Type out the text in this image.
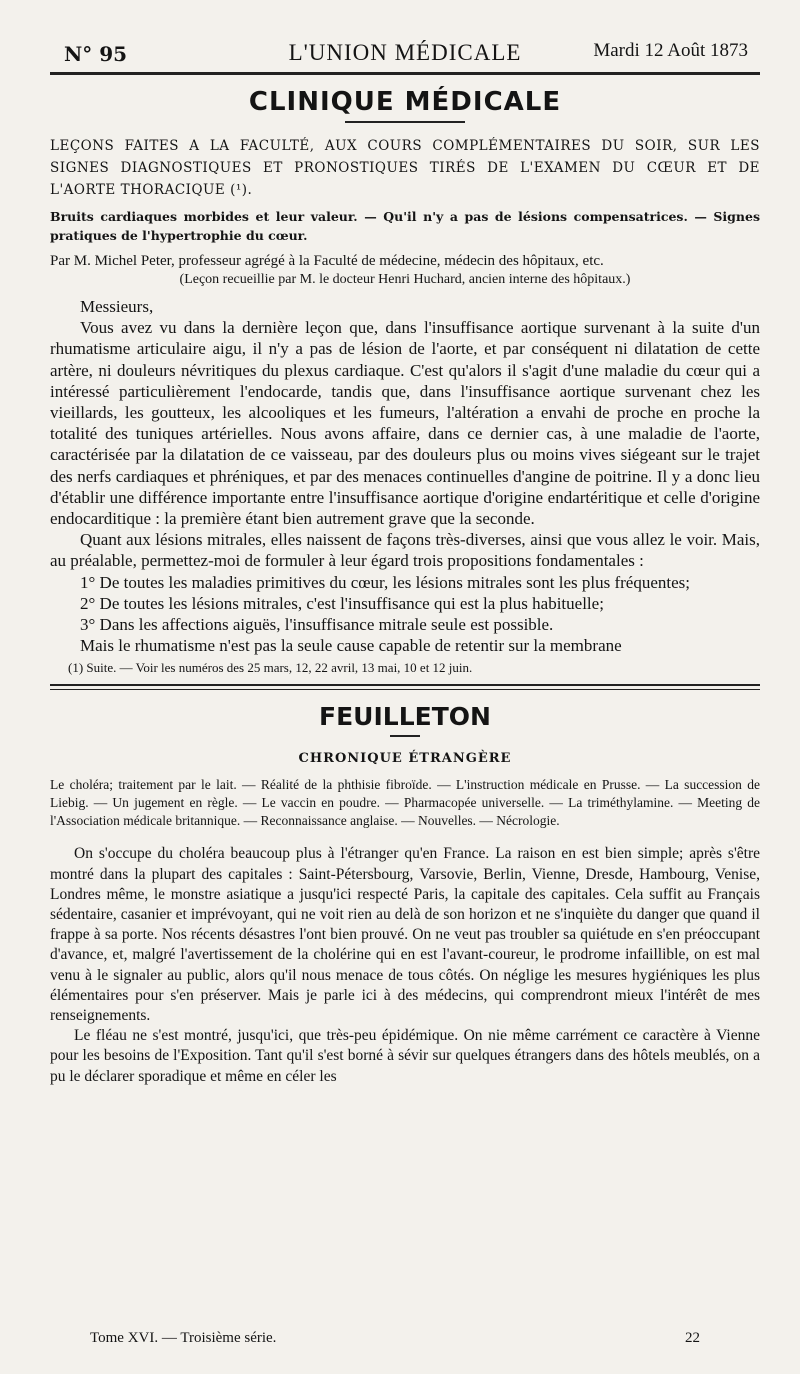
N° 95	L'UNION MÉDICALE	Mardi 12 Août 1873
CLINIQUE MÉDICALE

LEÇONS FAITES A LA FACULTÉ, AUX COURS COMPLÉMENTAIRES DU SOIR, SUR LES SIGNES DIAGNOSTIQUES ET PRONOSTIQUES TIRÉS DE L'EXAMEN DU CŒUR ET DE L'AORTE THORACIQUE (¹).

Bruits cardiaques morbides et leur valeur. — Qu'il n'y a pas de lésions compensatrices. — Signes pratiques de l'hypertrophie du cœur.

Par M. Michel Peter, professeur agrégé à la Faculté de médecine, médecin des hôpitaux, etc.

(Leçon recueillie par M. le docteur Henri Huchard, ancien interne des hôpitaux.)

Messieurs,

Vous avez vu dans la dernière leçon que, dans l'insuffisance aortique survenant à la suite d'un rhumatisme articulaire aigu, il n'y a pas de lésion de l'aorte, et par conséquent ni dilatation de cette artère, ni douleurs névritiques du plexus cardiaque. C'est qu'alors il s'agit d'une maladie du cœur qui a intéressé particulièrement l'endocarde, tandis que, dans l'insuffisance aortique survenant chez les vieillards, les goutteux, les alcooliques et les fumeurs, l'altération a envahi de proche en proche la totalité des tuniques artérielles. Nous avons affaire, dans ce dernier cas, à une maladie de l'aorte, caractérisée par la dilatation de ce vaisseau, par des douleurs plus ou moins vives siégeant sur le trajet des nerfs cardiaques et phréniques, et par des menaces continuelles d'angine de poitrine. Il y a donc lieu d'établir une différence importante entre l'insuffisance aortique d'origine endartéritique et celle d'origine endocarditique : la première étant bien autrement grave que la seconde.

Quant aux lésions mitrales, elles naissent de façons très-diverses, ainsi que vous allez le voir. Mais, au préalable, permettez-moi de formuler à leur égard trois propositions fondamentales :

1° De toutes les maladies primitives du cœur, les lésions mitrales sont les plus fréquentes;

2° De toutes les lésions mitrales, c'est l'insuffisance qui est la plus habituelle;

3° Dans les affections aiguës, l'insuffisance mitrale seule est possible.

Mais le rhumatisme n'est pas la seule cause capable de retentir sur la membrane

(1) Suite. — Voir les numéros des 25 mars, 12, 22 avril, 13 mai, 10 et 12 juin.

FEUILLETON

CHRONIQUE ÉTRANGÈRE

Le choléra; traitement par le lait. — Réalité de la phthisie fibroïde. — L'instruction médicale en Prusse. — La succession de Liebig. — Un jugement en règle. — Le vaccin en poudre. — Pharmacopée universelle. — La triméthylamine. — Meeting de l'Association médicale britannique. — Reconnaissance anglaise. — Nouvelles. — Nécrologie.

On s'occupe du choléra beaucoup plus à l'étranger qu'en France. La raison en est bien simple; après s'être montré dans la plupart des capitales : Saint-Pétersbourg, Varsovie, Berlin, Vienne, Dresde, Hambourg, Venise, Londres même, le monstre asiatique a jusqu'ici respecté Paris, la capitale des capitales. Cela suffit au Français sédentaire, casanier et imprévoyant, qui ne voit rien au delà de son horizon et ne s'inquiète du danger que quand il frappe à sa porte. Nos récents désastres l'ont bien prouvé. On ne veut pas troubler sa quiétude en s'en préoccupant d'avance, et, malgré l'avertissement de la cholérine qui en est l'avant-coureur, le prodrome infaillible, on est mal venu à le signaler au public, alors qu'il nous menace de tous côtés. On néglige les mesures hygiéniques les plus élémentaires pour s'en préserver. Mais je parle ici à des médecins, qui comprendront mieux l'intérêt de mes renseignements.

Le fléau ne s'est montré, jusqu'ici, que très-peu épidémique. On nie même carrément ce caractère à Vienne pour les besoins de l'Exposition. Tant qu'il s'est borné à sévir sur quelques étrangers dans des hôtels meublés, on a pu le déclarer sporadique et même en céler les

Tome XVI. — Troisième série.	22
